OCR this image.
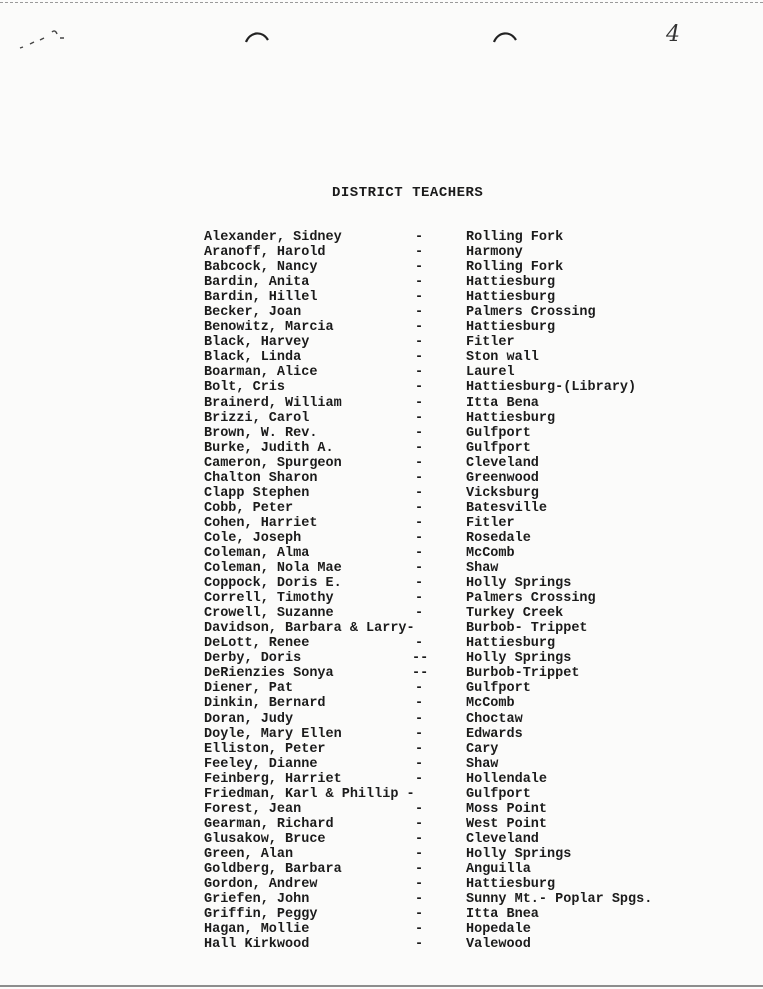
4
DISTRICT TEACHERS
Alexander, Sidney	-	Rolling Fork
Aranoff, Harold	-	Harmony
Babcock, Nancy	-	Rolling Fork
Bardin, Anita	-	Hattiesburg
Bardin, Hillel	-	Hattiesburg
Becker, Joan	-	Palmers Crossing
Benowitz, Marcia	-	Hattiesburg
Black, Harvey	-	Fitler
Black, Linda	-	Ston wall
Boarman, Alice	-	Laurel
Bolt, Cris	-	Hattiesburg-(Library)
Brainerd, William	-	Itta Bena
Brizzi, Carol	-	Hattiesburg
Brown, W. Rev.	-	Gulfport
Burke, Judith A.	-	Gulfport
Cameron, Spurgeon	-	Cleveland
Chalton Sharon	-	Greenwood
Clapp Stephen	-	Vicksburg
Cobb, Peter	-	Batesville
Cohen, Harriet	-	Fitler
Cole, Joseph	-	Rosedale
Coleman, Alma	-	McComb
Coleman, Nola Mae	-	Shaw
Coppock, Doris E.	-	Holly Springs
Correll, Timothy	-	Palmers Crossing
Crowell, Suzanne	-	Turkey Creek
Davidson, Barbara & Larry-	Burbob- Trippet
DeLott, Renee	-	Hattiesburg
Derby, Doris	--	Holly Springs
DeRienzies Sonya	--	Burbob-Trippet
Diener, Pat	-	Gulfport
Dinkin, Bernard	-	McComb
Doran, Judy	-	Choctaw
Doyle, Mary Ellen	-	Edwards
Elliston, Peter	-	Cary
Feeley, Dianne	-	Shaw
Feinberg, Harriet	-	Hollendale
Friedman, Karl & Phillip -	Gulfport
Forest, Jean	-	Moss Point
Gearman, Richard	-	West Point
Glusakow, Bruce	-	Cleveland
Green, Alan	-	Holly Springs
Goldberg, Barbara	-	Anguilla
Gordon, Andrew	-	Hattiesburg
Griefen, John	-	Sunny Mt.- Poplar Spgs.
Griffin, Peggy	-	Itta Bnea
Hagan, Mollie	-	Hopedale
Hall Kirkwood	-	Valewood
